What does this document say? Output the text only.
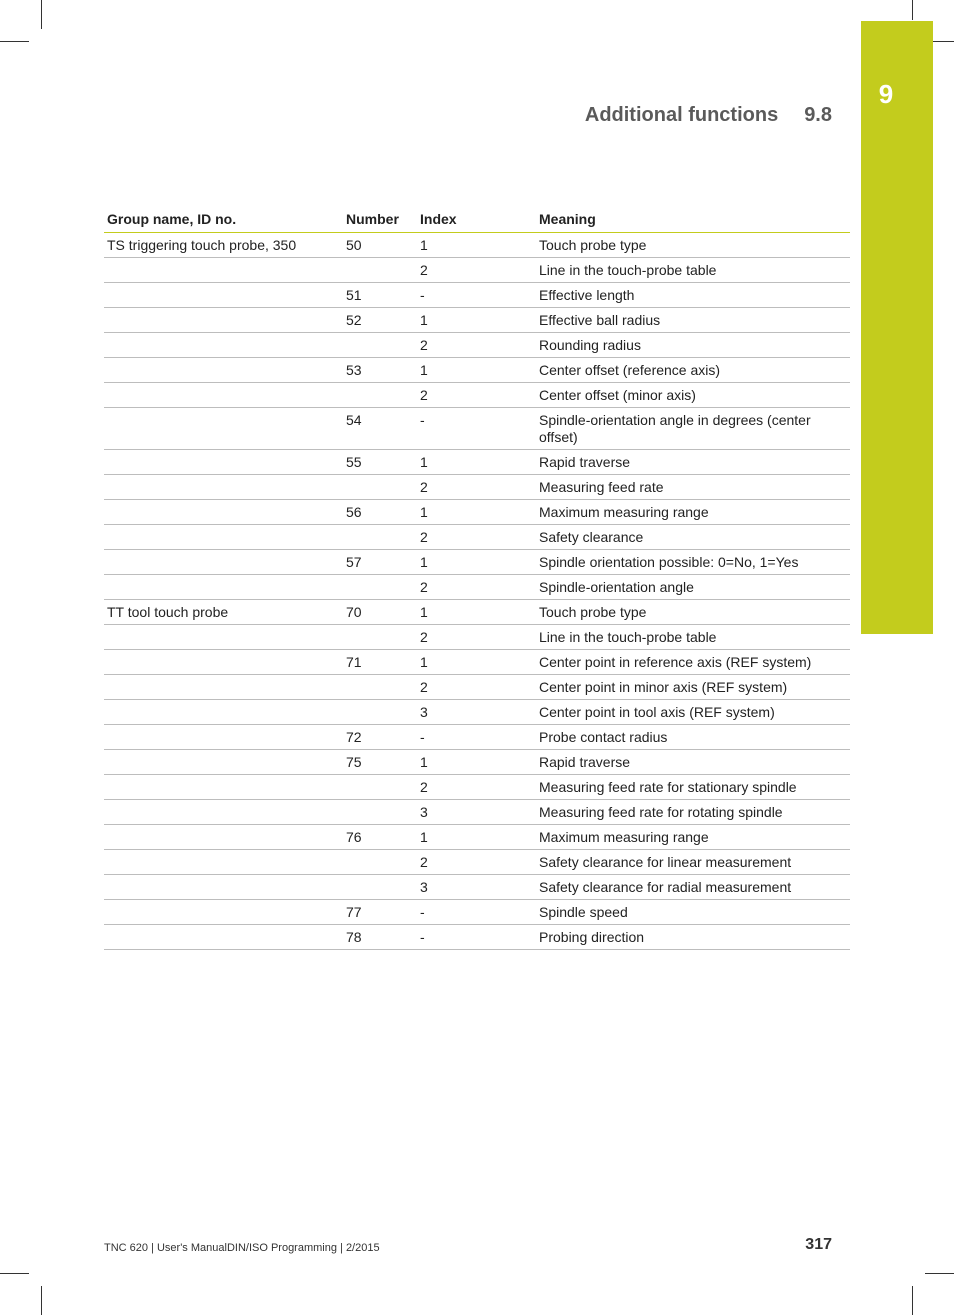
9
Additional functions 9.8
Group name, ID no.	Number	Index	Meaning
TS triggering touch probe, 350	50	1	Touch probe type
		2	Line in the touch-probe table
	51	-	Effective length
	52	1	Effective ball radius
		2	Rounding radius
	53	1	Center offset (reference axis)
		2	Center offset (minor axis)
	54	-	Spindle-orientation angle in degrees (center offset)
	55	1	Rapid traverse
		2	Measuring feed rate
	56	1	Maximum measuring range
		2	Safety clearance
	57	1	Spindle orientation possible: 0=No, 1=Yes
		2	Spindle-orientation angle
TT tool touch probe	70	1	Touch probe type
		2	Line in the touch-probe table
	71	1	Center point in reference axis (REF system)
		2	Center point in minor axis (REF system)
		3	Center point in tool axis (REF system)
	72	-	Probe contact radius
	75	1	Rapid traverse
		2	Measuring feed rate for stationary spindle
		3	Measuring feed rate for rotating spindle
	76	1	Maximum measuring range
		2	Safety clearance for linear measurement
		3	Safety clearance for radial measurement
	77	-	Spindle speed
	78	-	Probing direction
TNC 620 | User's ManualDIN/ISO Programming | 2/2015	317
